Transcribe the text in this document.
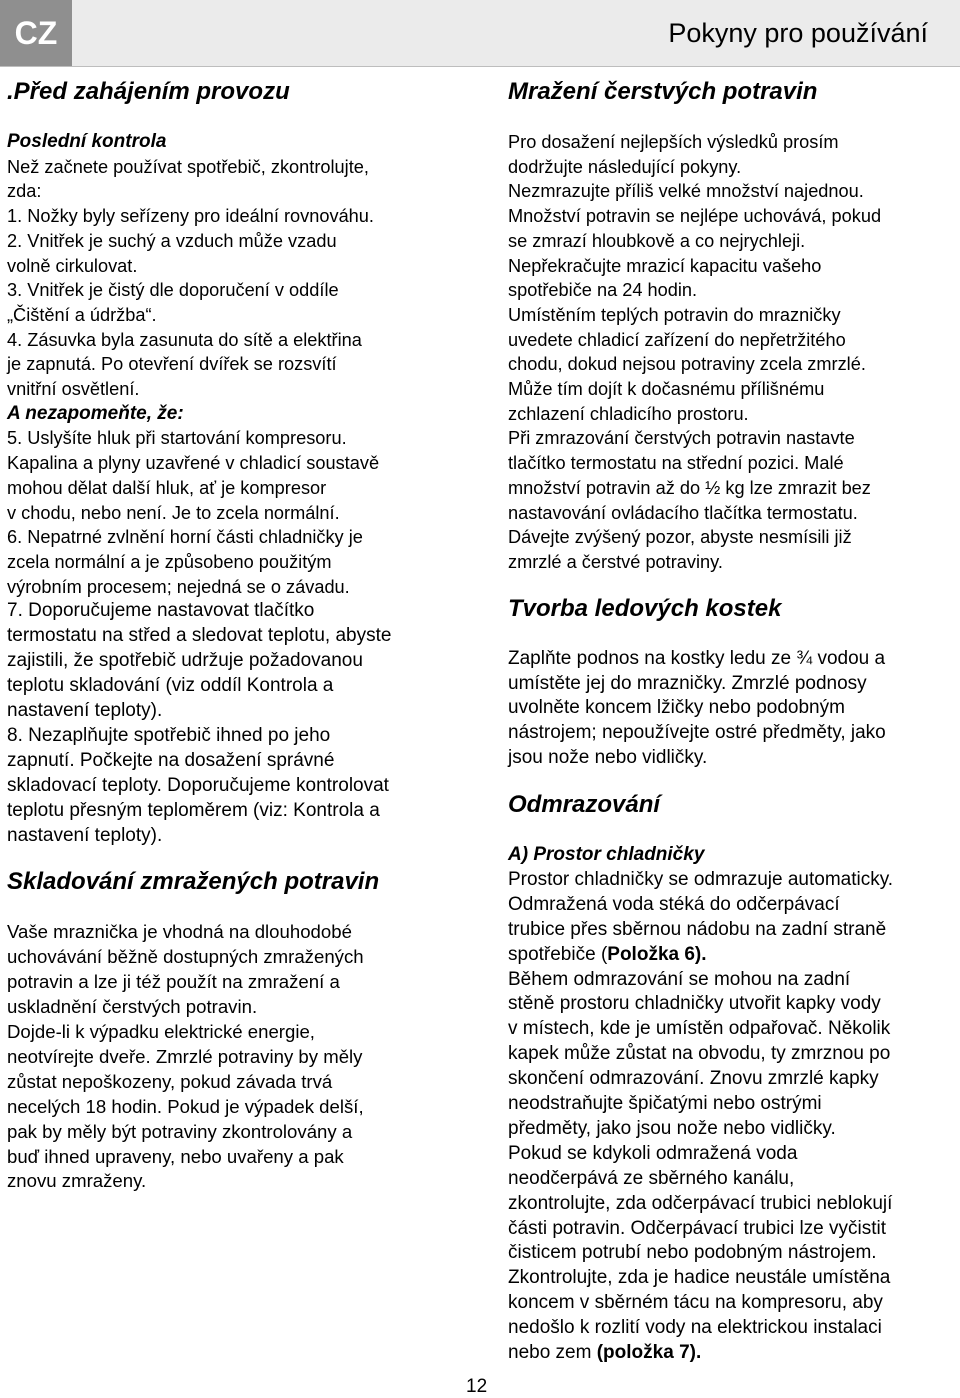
CZ	Pokyny pro používání
.Před zahájením provozu
Poslední kontrola
Než začnete používat spotřebič, zkontrolujte,
zda:
1. Nožky byly seřízeny pro ideální rovnováhu.
2. Vnitřek je suchý a vzduch může vzadu
volně cirkulovat.
3. Vnitřek je čistý dle doporučení v oddíle
„Čištění a údržba“.
4. Zásuvka byla zasunuta do sítě a elektřina
je zapnutá. Po otevření dvířek se rozsvítí
vnitřní osvětlení.
A nezapomeňte, že:
5. Uslyšíte hluk při startování kompresoru.
Kapalina a plyny uzavřené v chladicí soustavě
mohou dělat další hluk, ať je kompresor
v chodu, nebo není. Je to zcela normální.
6. Nepatrné zvlnění horní části chladničky je
zcela normální a je způsobeno použitým
výrobním procesem; nejedná se o závadu.
7. Doporučujeme nastavovat tlačítko
termostatu na střed a sledovat teplotu, abyste
zajistili, že spotřebič udržuje požadovanou
teplotu skladování (viz oddíl Kontrola a
nastavení teploty).
8. Nezaplňujte spotřebič ihned po jeho
zapnutí. Počkejte na dosažení správné
skladovací teploty. Doporučujeme kontrolovat
teplotu přesným teploměrem (viz: Kontrola a
nastavení teploty).
Skladování zmražených potravin
Vaše mraznička je vhodná na dlouhodobé
uchovávání běžně dostupných zmražených
potravin a lze ji též použít na zmražení a
uskladnění čerstvých potravin.
Dojde-li k výpadku elektrické energie,
neotvírejte dveře. Zmrzlé potraviny by měly
zůstat nepoškozeny, pokud závada trvá
necelých 18 hodin. Pokud je výpadek delší,
pak by měly být potraviny zkontrolovány a
buď ihned upraveny, nebo uvařeny a pak
znovu zmraženy.
Mražení čerstvých potravin
Pro dosažení nejlepších výsledků prosím
dodržujte následující pokyny.
Nezmrazujte příliš velké množství najednou.
Množství potravin se nejlépe uchovává, pokud
se zmrazí hloubkově a co nejrychleji.
Nepřekračujte mrazicí kapacitu vašeho
spotřebiče na 24 hodin.
Umístěním teplých potravin do mrazničky
uvedete chladicí zařízení do nepřetržitého
chodu, dokud nejsou potraviny zcela zmrzlé.
Může tím dojít k dočasnému přílišnému
zchlazení chladicího prostoru.
Při zmrazování čerstvých potravin nastavte
tlačítko termostatu na střední pozici. Malé
množství potravin až do ½ kg lze zmrazit bez
nastavování ovládacího tlačítka termostatu.
Dávejte zvýšený pozor, abyste nesmísili již
zmrzlé a čerstvé potraviny.
Tvorba ledových kostek
Zaplňte podnos na kostky ledu ze ¾ vodou a
umístěte jej do mrazničky. Zmrzlé podnosy
uvolněte koncem lžičky nebo podobným
nástrojem; nepoužívejte ostré předměty, jako
jsou nože nebo vidličky.
Odmrazování
A) Prostor chladničky
Prostor chladničky se odmrazuje automaticky.
Odmražená voda stéká do odčerpávací
trubice přes sběrnou nádobu na zadní straně
spotřebiče (Položka 6).
Během odmrazování se mohou na zadní
stěně prostoru chladničky utvořit kapky vody
v místech, kde je umístěn odpařovač. Několik
kapek může zůstat na obvodu, ty zmrznou po
skončení odmrazování. Znovu zmrzlé kapky
neodstraňujte špičatými nebo ostrými
předměty, jako jsou nože nebo vidličky.
Pokud se kdykoli odmražená voda
neodčerpává ze sběrného kanálu,
zkontrolujte, zda odčerpávací trubici neblokují
části potravin. Odčerpávací trubici lze vyčistit
čisticem potrubí nebo podobným nástrojem.
Zkontrolujte, zda je hadice neustále umístěna
koncem v sběrném tácu na kompresoru, aby
nedošlo k rozlití vody na elektrickou instalaci
nebo zem (položka 7).
12
